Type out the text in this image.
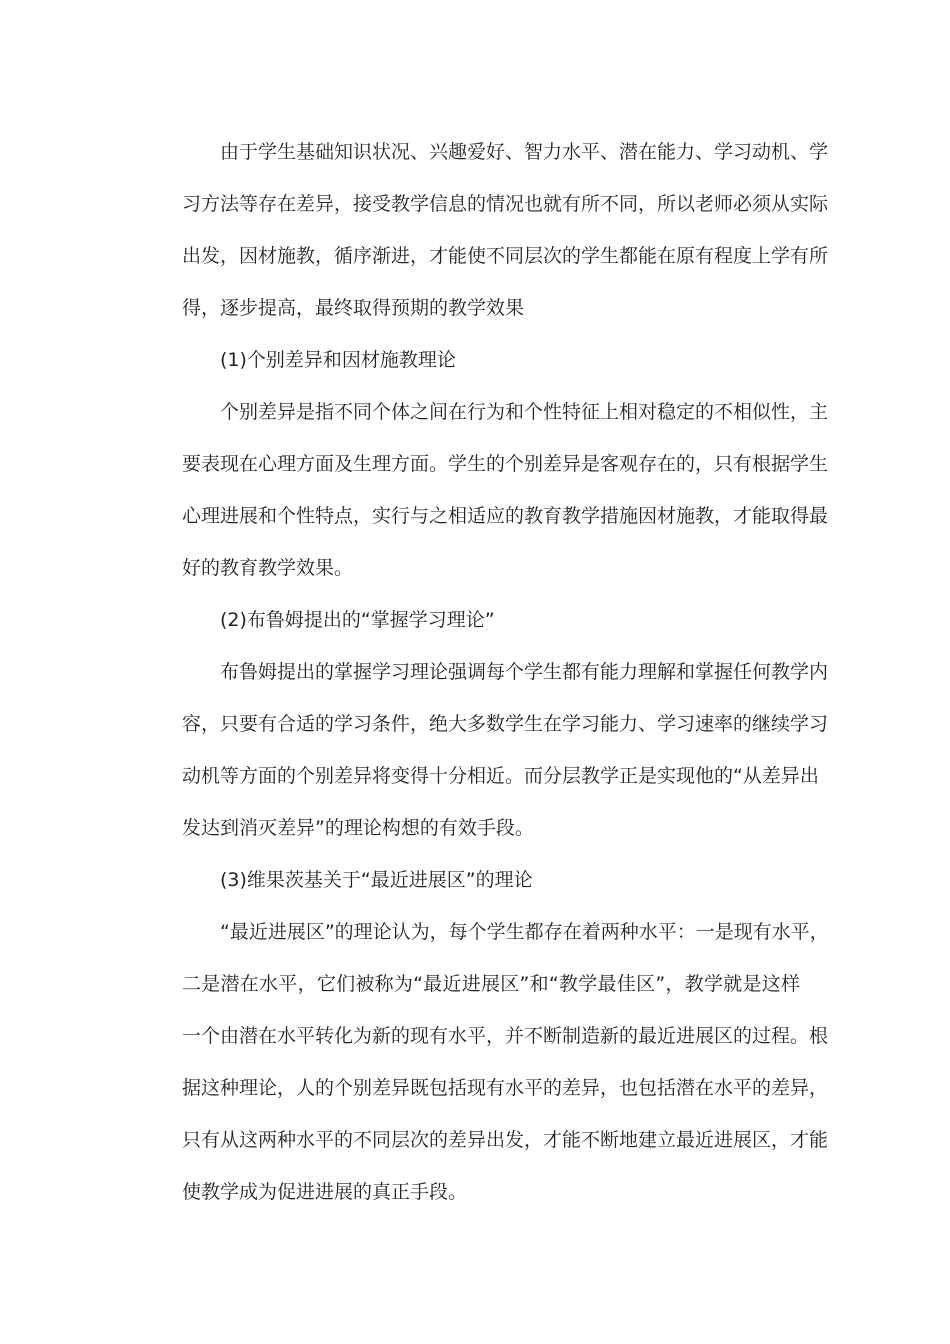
由于学生基础知识状况、兴趣爱好、智力水平、潜在能力、学习动机、学
习方法等存在差异，接受教学信息的情况也就有所不同，所以老师必须从实际
出发，因材施教，循序渐进，才能使不同层次的学生都能在原有程度上学有所
得，逐步提高，最终取得预期的教学效果

(1)个别差异和因材施教理论

个别差异是指不同个体之间在行为和个性特征上相对稳定的不相似性，主
要表现在心理方面及生理方面。学生的个别差异是客观存在的，只有根据学生
心理进展和个性特点，实行与之相适应的教育教学措施因材施教，才能取得最
好的教育教学效果。

(2)布鲁姆提出的“掌握学习理论”

布鲁姆提出的掌握学习理论强调每个学生都有能力理解和掌握任何教学内
容，只要有合适的学习条件，绝大多数学生在学习能力、学习速率的继续学习
动机等方面的个别差异将变得十分相近。而分层教学正是实现他的“从差异出
发达到消灭差异”的理论构想的有效手段。

(3)维果茨基关于“最近进展区”的理论

“最近进展区”的理论认为，每个学生都存在着两种水平：一是现有水平，
二是潜在水平，它们被称为“最近进展区”和“教学最佳区”，教学就是这样
一个由潜在水平转化为新的现有水平，并不断制造新的最近进展区的过程。根
据这种理论，人的个别差异既包括现有水平的差异，也包括潜在水平的差异，
只有从这两种水平的不同层次的差异出发，才能不断地建立最近进展区，才能
使教学成为促进进展的真正手段。
